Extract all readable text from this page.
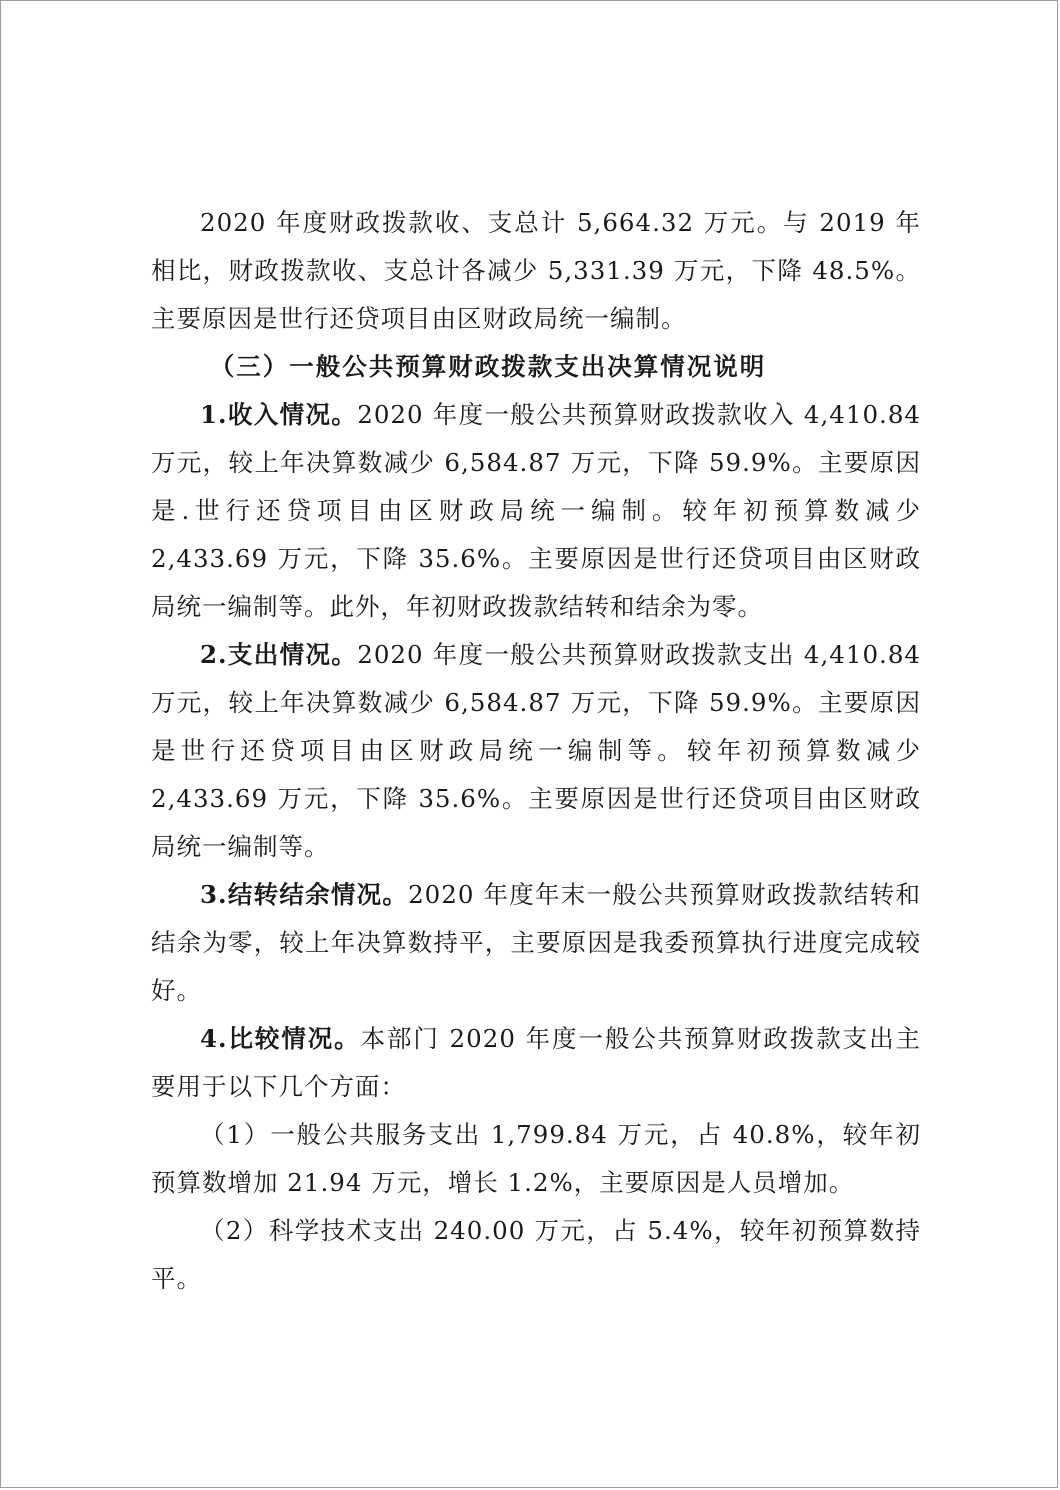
2020 年度财政拨款收、支总计 5,664.32 万元。与 2019 年相比，财政拨款收、支总计各减少 5,331.39 万元，下降 48.5%。主要原因是世行还贷项目由区财政局统一编制。

（三）一般公共预算财政拨款支出决算情况说明

1.收入情况。2020 年度一般公共预算财政拨款收入 4,410.84 万元，较上年决算数减少 6,584.87 万元，下降 59.9%。主要原因是.世行还贷项目由区财政局统一编制。较年初预算数减少 2,433.69 万元，下降 35.6%。主要原因是世行还贷项目由区财政局统一编制等。此外，年初财政拨款结转和结余为零。

2.支出情况。2020 年度一般公共预算财政拨款支出 4,410.84 万元，较上年决算数减少 6,584.87 万元，下降 59.9%。主要原因是世行还贷项目由区财政局统一编制等。较年初预算数减少 2,433.69 万元，下降 35.6%。主要原因是世行还贷项目由区财政局统一编制等。

3.结转结余情况。2020 年度年末一般公共预算财政拨款结转和结余为零，较上年决算数持平，主要原因是我委预算执行进度完成较好。

4.比较情况。本部门 2020 年度一般公共预算财政拨款支出主要用于以下几个方面：

（1）一般公共服务支出 1,799.84 万元，占 40.8%，较年初预算数增加 21.94 万元，增长 1.2%，主要原因是人员增加。

（2）科学技术支出 240.00 万元，占 5.4%，较年初预算数持平。
